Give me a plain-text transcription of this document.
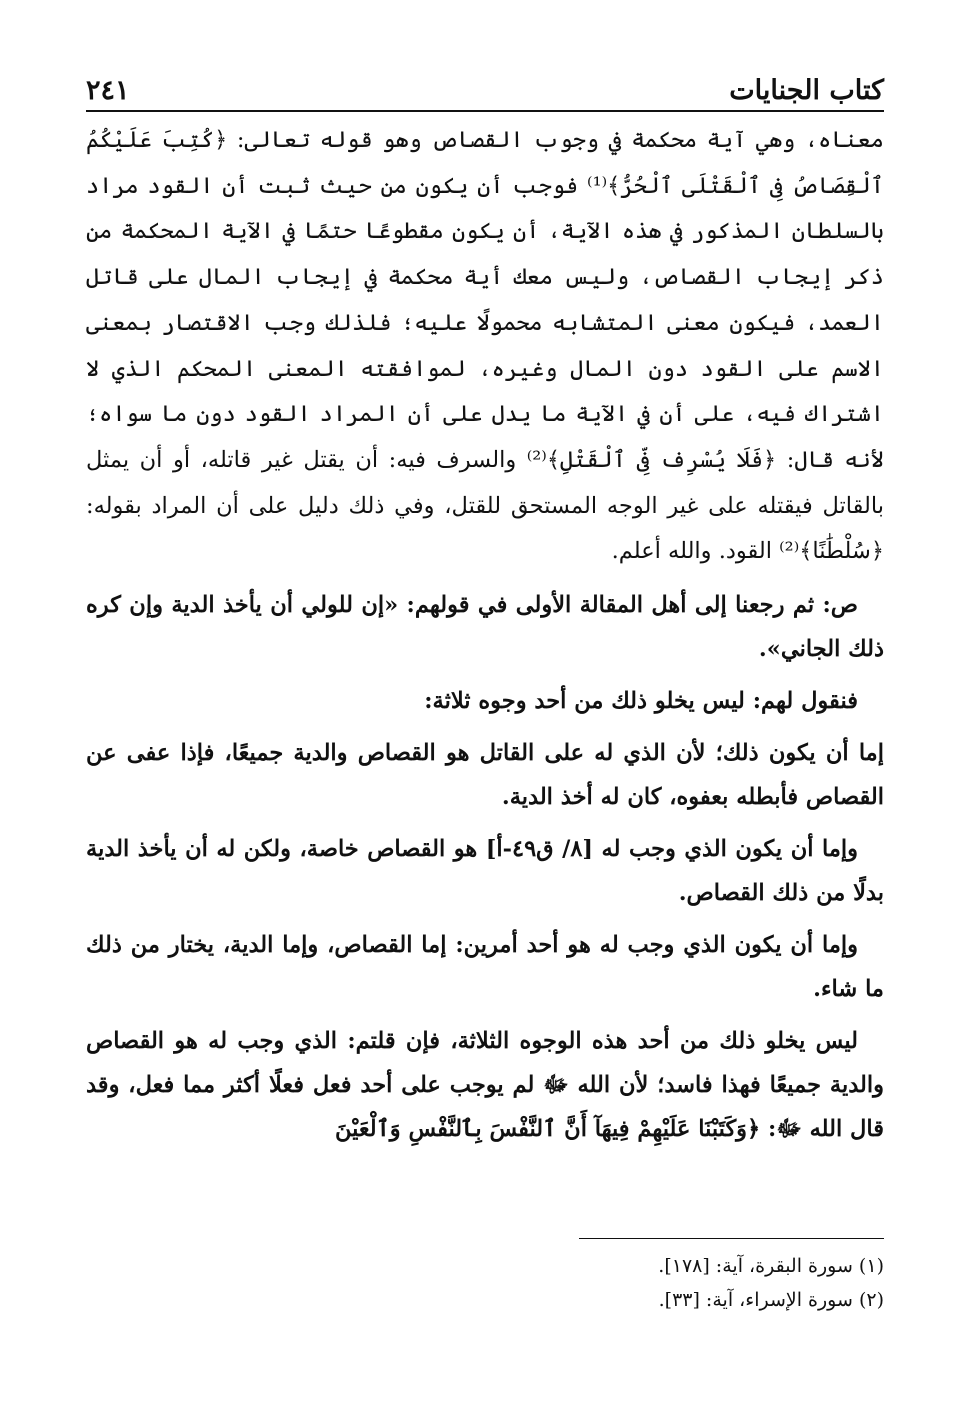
٢٤١	كتاب الجنايات

معناه، وهي آية محكمة في وجوب القصاص وهو قوله تعالى: ﴿كُتِبَ عَلَيْكُمُ ٱلْقِصَاصُ فِى ٱلْقَتْلَى ٱلْحُرُّ﴾⁽¹⁾ فوجب أن يكون من حيث ثبت أن القود مراد بالسلطان المذكور في هذه الآية، أن يكون مقطوعًا حتمًا في الآية المحكمة من ذكر إيجاب القصاص، وليس معك أية محكمة في إيجاب المال على قاتل العمد، فيكون معنى المتشابه محمولًا عليه؛ فلذلك وجب الاقتصار بمعنى الاسم على القود دون المال وغيره، لموافقته المعنى المحكم الذي لا اشتراك فيه، على أن في الآية ما يدل على أن المراد القود دون ما سواه؛ لأنه قال: ﴿فَلَا يُسْرِف فِّى ٱلْقَتْلِ﴾⁽²⁾ والسرف فيه: أن يقتل غير قاتله، أو أن يمثل بالقاتل فيقتله على غير الوجه المستحق للقتل، وفي ذلك دليل على أن المراد بقوله: ﴿سُلْطَٰنًا﴾⁽²⁾ القود. والله أعلم.

ص: ثم رجعنا إلى أهل المقالة الأولى في قولهم: «إن للولي أن يأخذ الدية وإن كره ذلك الجاني».

فنقول لهم: ليس يخلو ذلك من أحد وجوه ثلاثة:

إما أن يكون ذلك؛ لأن الذي له على القاتل هو القصاص والدية جميعًا، فإذا عفى عن القصاص فأبطله بعفوه، كان له أخذ الدية.

وإما أن يكون الذي وجب له [٨/ ق٤٩-أ] هو القصاص خاصة، ولكن له أن يأخذ الدية بدلًا من ذلك القصاص.

وإما أن يكون الذي وجب له هو أحد أمرين: إما القصاص، وإما الدية، يختار من ذلك ما شاء.

ليس يخلو ذلك من أحد هذه الوجوه الثلاثة، فإن قلتم: الذي وجب له هو القصاص والدية جميعًا فهذا فاسد؛ لأن الله ﷻ لم يوجب على أحد فعل فعلًا أكثر مما فعل، وقد قال الله ﷻ: ﴿وَكَتَبْنَا عَلَيْهِمْ فِيهَآ أَنَّ ٱلنَّفْسَ بِٱلنَّفْسِ وَٱلْعَيْنَ

(١) سورة البقرة، آية: [١٧٨].

(٢) سورة الإسراء، آية: [٣٣].
